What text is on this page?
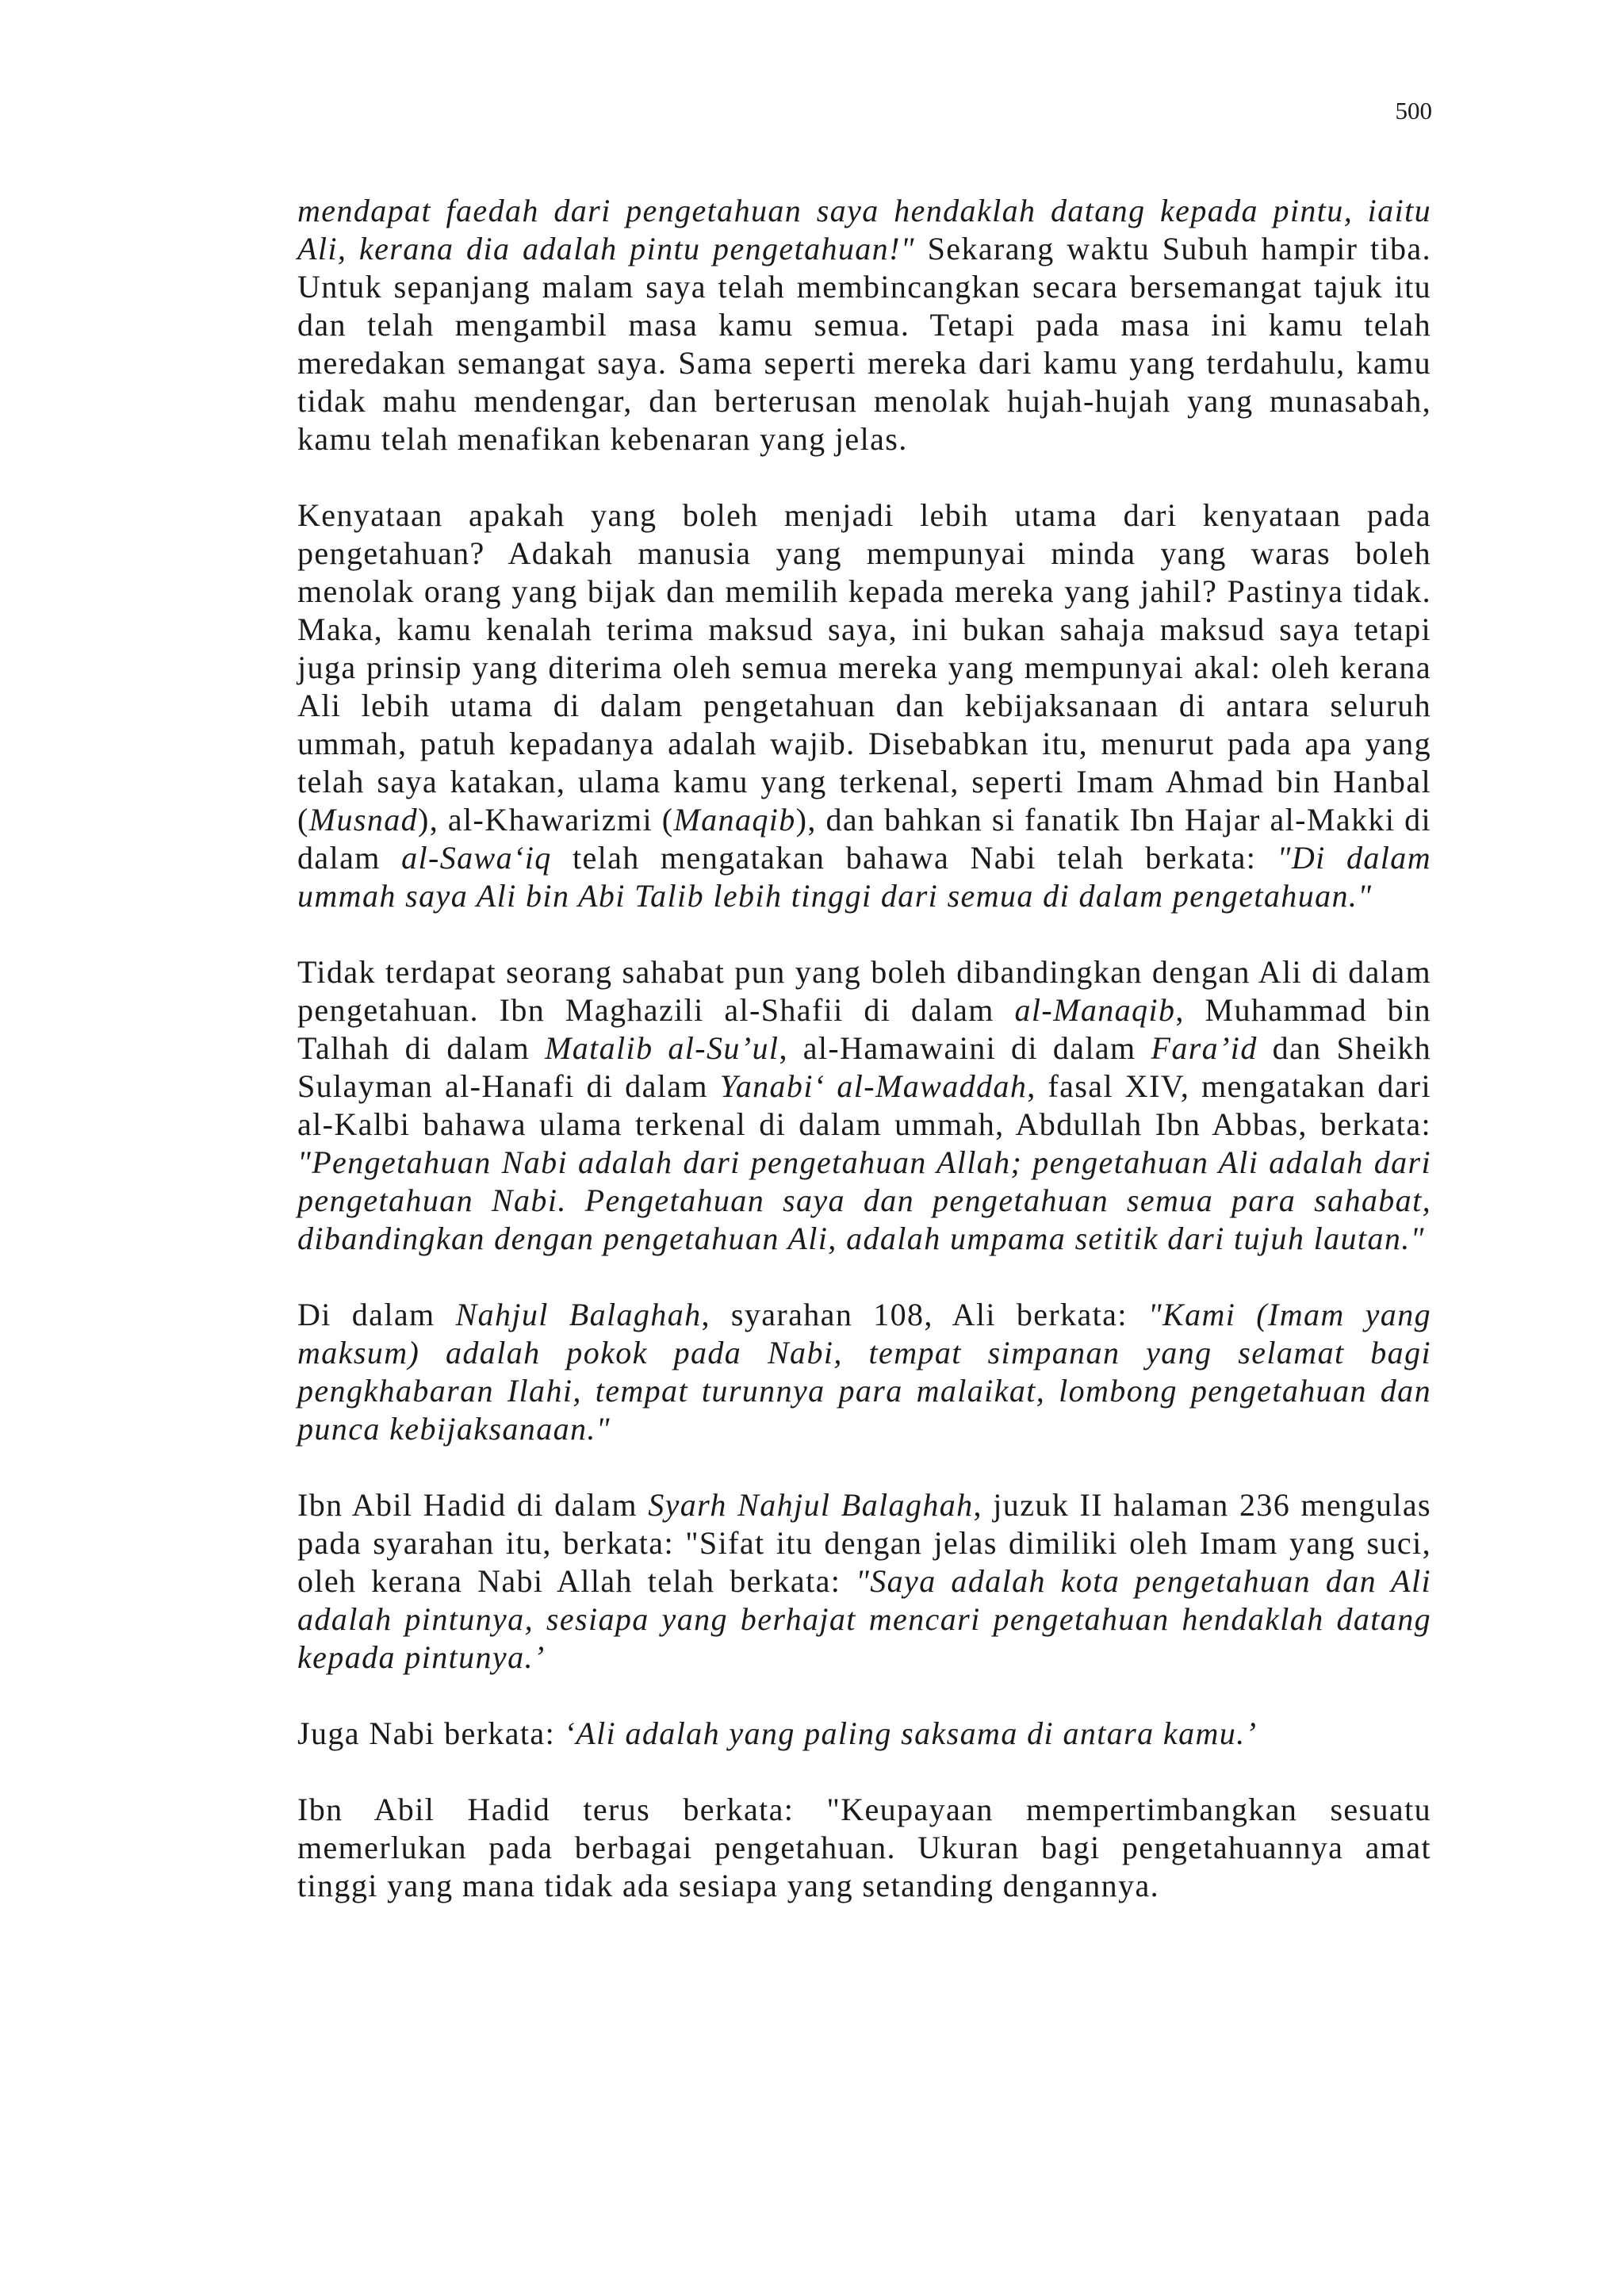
500

mendapat faedah dari pengetahuan saya hendaklah datang kepada pintu, iaitu Ali, kerana dia adalah pintu pengetahuan!" Sekarang waktu Subuh hampir tiba. Untuk sepanjang malam saya telah membincangkan secara bersemangat tajuk itu dan telah mengambil masa kamu semua. Tetapi pada masa ini kamu telah meredakan semangat saya. Sama seperti mereka dari kamu yang terdahulu, kamu tidak mahu mendengar, dan berterusan menolak hujah-hujah yang munasabah, kamu telah menafikan kebenaran yang jelas.

Kenyataan apakah yang boleh menjadi lebih utama dari kenyataan pada pengetahuan? Adakah manusia yang mempunyai minda yang waras boleh menolak orang yang bijak dan memilih kepada mereka yang jahil? Pastinya tidak. Maka, kamu kenalah terima maksud saya, ini bukan sahaja maksud saya tetapi juga prinsip yang diterima oleh semua mereka yang mempunyai akal: oleh kerana Ali lebih utama di dalam pengetahuan dan kebijaksanaan di antara seluruh ummah, patuh kepadanya adalah wajib. Disebabkan itu, menurut pada apa yang telah saya katakan, ulama kamu yang terkenal, seperti Imam Ahmad bin Hanbal (Musnad), al-Khawarizmi (Manaqib), dan bahkan si fanatik Ibn Hajar al-Makki di dalam al-Sawa‘iq telah mengatakan bahawa Nabi telah berkata: "Di dalam ummah saya Ali bin Abi Talib lebih tinggi dari semua di dalam pengetahuan."

Tidak terdapat seorang sahabat pun yang boleh dibandingkan dengan Ali di dalam pengetahuan. Ibn Maghazili al-Shafii di dalam al-Manaqib, Muhammad bin Talhah di dalam Matalib al-Su’ul, al-Hamawaini di dalam Fara’id dan Sheikh Sulayman al-Hanafi di dalam Yanabi‘ al-Mawaddah, fasal XIV, mengatakan dari al-Kalbi bahawa ulama terkenal di dalam ummah, Abdullah Ibn Abbas, berkata: "Pengetahuan Nabi adalah dari pengetahuan Allah; pengetahuan Ali adalah dari pengetahuan Nabi. Pengetahuan saya dan pengetahuan semua para sahabat, dibandingkan dengan pengetahuan Ali, adalah umpama setitik dari tujuh lautan."

Di dalam Nahjul Balaghah, syarahan 108, Ali berkata: "Kami (Imam yang maksum) adalah pokok pada Nabi, tempat simpanan yang selamat bagi pengkhabaran Ilahi, tempat turunnya para malaikat, lombong pengetahuan dan punca kebijaksanaan."

Ibn Abil Hadid di dalam Syarh Nahjul Balaghah, juzuk II halaman 236 mengulas pada syarahan itu, berkata: "Sifat itu dengan jelas dimiliki oleh Imam yang suci, oleh kerana Nabi Allah telah berkata: "Saya adalah kota pengetahuan dan Ali adalah pintunya, sesiapa yang berhajat mencari pengetahuan hendaklah datang kepada pintunya.’

Juga Nabi berkata: ‘Ali adalah yang paling saksama di antara kamu.’

Ibn Abil Hadid terus berkata: "Keupayaan mempertimbangkan sesuatu memerlukan pada berbagai pengetahuan. Ukuran bagi pengetahuannya amat tinggi yang mana tidak ada sesiapa yang setanding dengannya.
